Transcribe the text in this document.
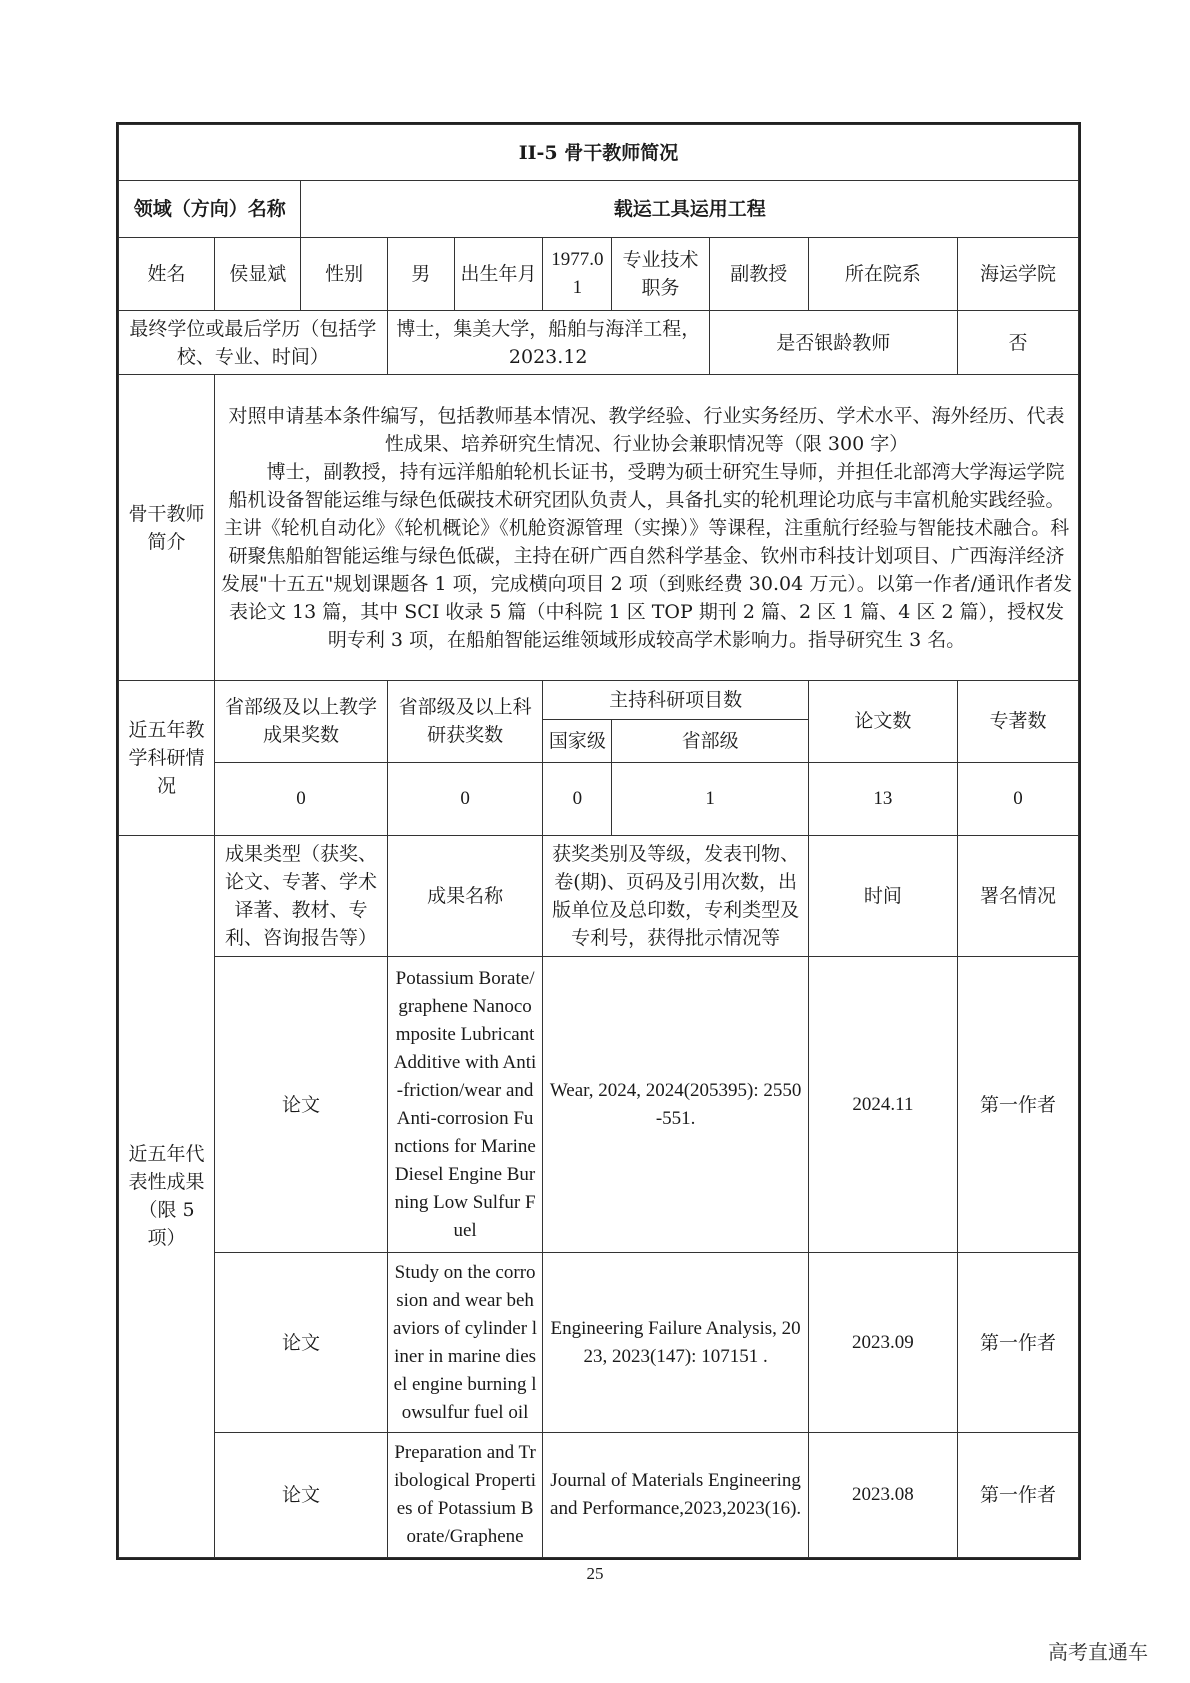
II-5 骨干教师简况									
领域（方向）名称		载运工具运用工程							
姓名	侯显斌	性别	男	出生年月	1977.01	专业技术职务	副教授	所在院系	海运学院
最终学位或最后学历（包括学校、专业、时间）			博士，集美大学，船舶与海洋工程，2023.12				是否银龄教师		否
骨干教师简介	对照申请基本条件编写，包括教师基本情况、教学经验、行业实务经历、学术水平、海外经历、代表性成果、培养研究生情况、行业协会兼职情况等（限 300 字）
博士，副教授，持有远洋船舶轮机长证书，受聘为硕士研究生导师，并担任北部湾大学海运学院船机设备智能运维与绿色低碳技术研究团队负责人，具备扎实的轮机理论功底与丰富机舱实践经验。主讲《轮机自动化》《轮机概论》《机舱资源管理（实操）》等课程，注重航行经验与智能技术融合。科研聚焦船舶智能运维与绿色低碳，主持在研广西自然科学基金、钦州市科技计划项目、广西海洋经济发展"十五五"规划课题各 1 项，完成横向项目 2 项（到账经费 30.04 万元）。以第一作者/通讯作者发表论文 13 篇，其中 SCI 收录 5 篇（中科院 1 区 TOP 期刊 2 篇、2 区 1 篇、4 区 2 篇），授权发明专利 3 项，在船舶智能运维领域形成较高学术影响力。指导研究生 3 名。								

近五年教学科研情况	省部级及以上教学成果奖数		省部级及以上科研获奖数		主持科研项目数			论文数	专著数
					国家级	省部级			
	0		0		0	1		13	0
近五年代表性成果（限 5 项）	成果类型（获奖、论文、专著、学术译著、教材、专利、咨询报告等）		成果名称		获奖类别及等级，发表刊物、卷(期)、页码及引用次数，出版单位及总印数，专利类型及专利号，获得批示情况等			时间	署名情况
	论文		Potassium Borate/graphene Nanocomposite Lubricant Additive with Anti-friction/wear and Anti-corrosion Functions for Marine Diesel Engine Burning Low Sulfur Fuel		Wear, 2024, 2024(205395): 2550-551.			2024.11	第一作者
	论文		Study on the corrosion and wear behaviors of cylinder liner in marine diesel engine burning lowsulfur fuel oil		Engineering Failure Analysis, 2023, 2023(147): 107151 .			2023.09	第一作者
	论文		Preparation and Tribological Properties of Potassium Borate/Graphene		Journal of Materials Engineering and Performance,2023,2023(16).			2023.08	第一作者
25
高考直通车
